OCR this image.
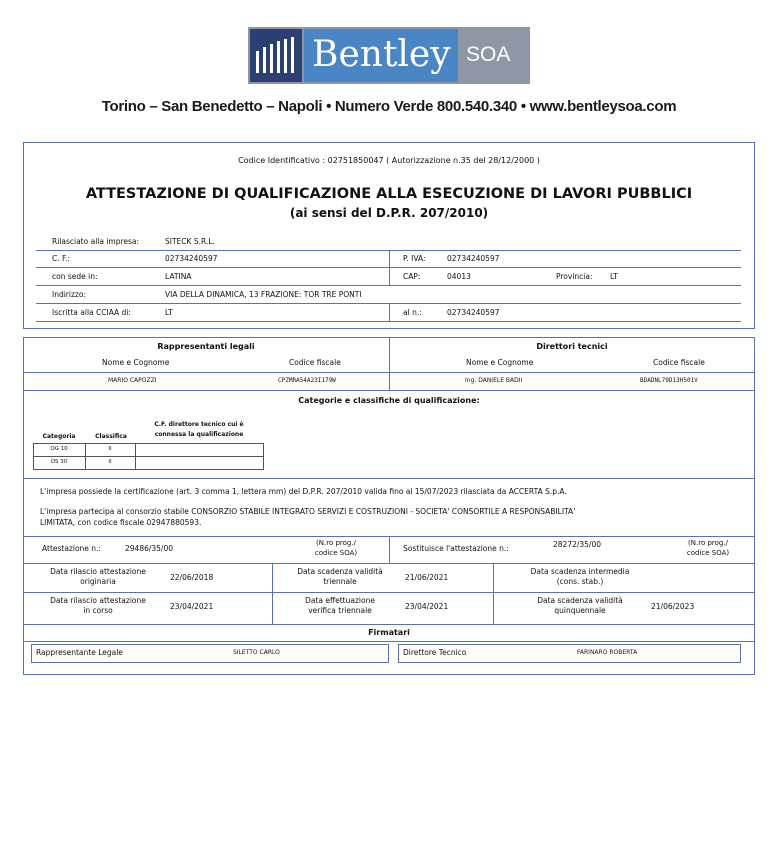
Bentley SOA
Torino – San Benedetto – Napoli • Numero Verde 800.540.340 • www.bentleysoa.com
Codice Identificativo : 02751850047 ( Autorizzazione n.35 del 28/12/2000 )
ATTESTAZIONE DI QUALIFICAZIONE ALLA ESECUZIONE DI LAVORI PUBBLICI
(ai sensi del D.P.R. 207/2010)
Rilasciato alla impresa:	SITECK S.R.L.
C. F.:	02734240597	P. IVA:	02734240597
con sede in:	LATINA	CAP:	04013	Provincia: LT
Indirizzo:	VIA DELLA DINAMICA, 13 FRAZIONE: TOR TRE PONTI
Iscritta alla CCIAA di:	LT	al n.:	02734240597
Rappresentanti legali	Direttori tecnici
Nome e Cognome	Codice fiscale	Nome e Cognome	Codice fiscale
MARIO CAPOZZI	CPZMRA54A23I179W	Ing. DANIELE BADII	BDADNL79D13H501V
Categorie e classifiche di qualificazione:
Categoria	Classifica
C.F. direttore tecnico cui è
connessa la qualificazione
OG 10	II
OS 30	II
L'impresa possiede la certificazione (art. 3 comma 1, lettera mm) del D.P.R. 207/2010 valida fino al 15/07/2023 rilasciata da ACCERTA S.p.A.
L'impresa partecipa al consorzio stabile CONSORZIO STABILE INTEGRATO SERVIZI E COSTRUZIONI - SOCIETA' CONSORTILE A RESPONSABILITA'
LIMITATA, con codice fiscale 02947880593.
Attestazione n.:	29486/35/00
(N.ro prog./
codice SOA)	Sostituisce l'attestazione n.:	28272/35/00	(N.ro prog./
codice SOA)
Data rilascio attestazione
originaria	22/06/2018
Data scadenza validità
triennale	21/06/2021
Data scadenza intermedia
(cons. stab.)
Data rilascio attestazione
in corso	23/04/2021
Data effettuazione
verifica triennale	23/04/2021
Data scadenza validità
quinquennale	21/06/2023
Firmatari
Rappresentante Legale	SILETTO CARLO	Direttore Tecnico	FARINARO ROBERTA
